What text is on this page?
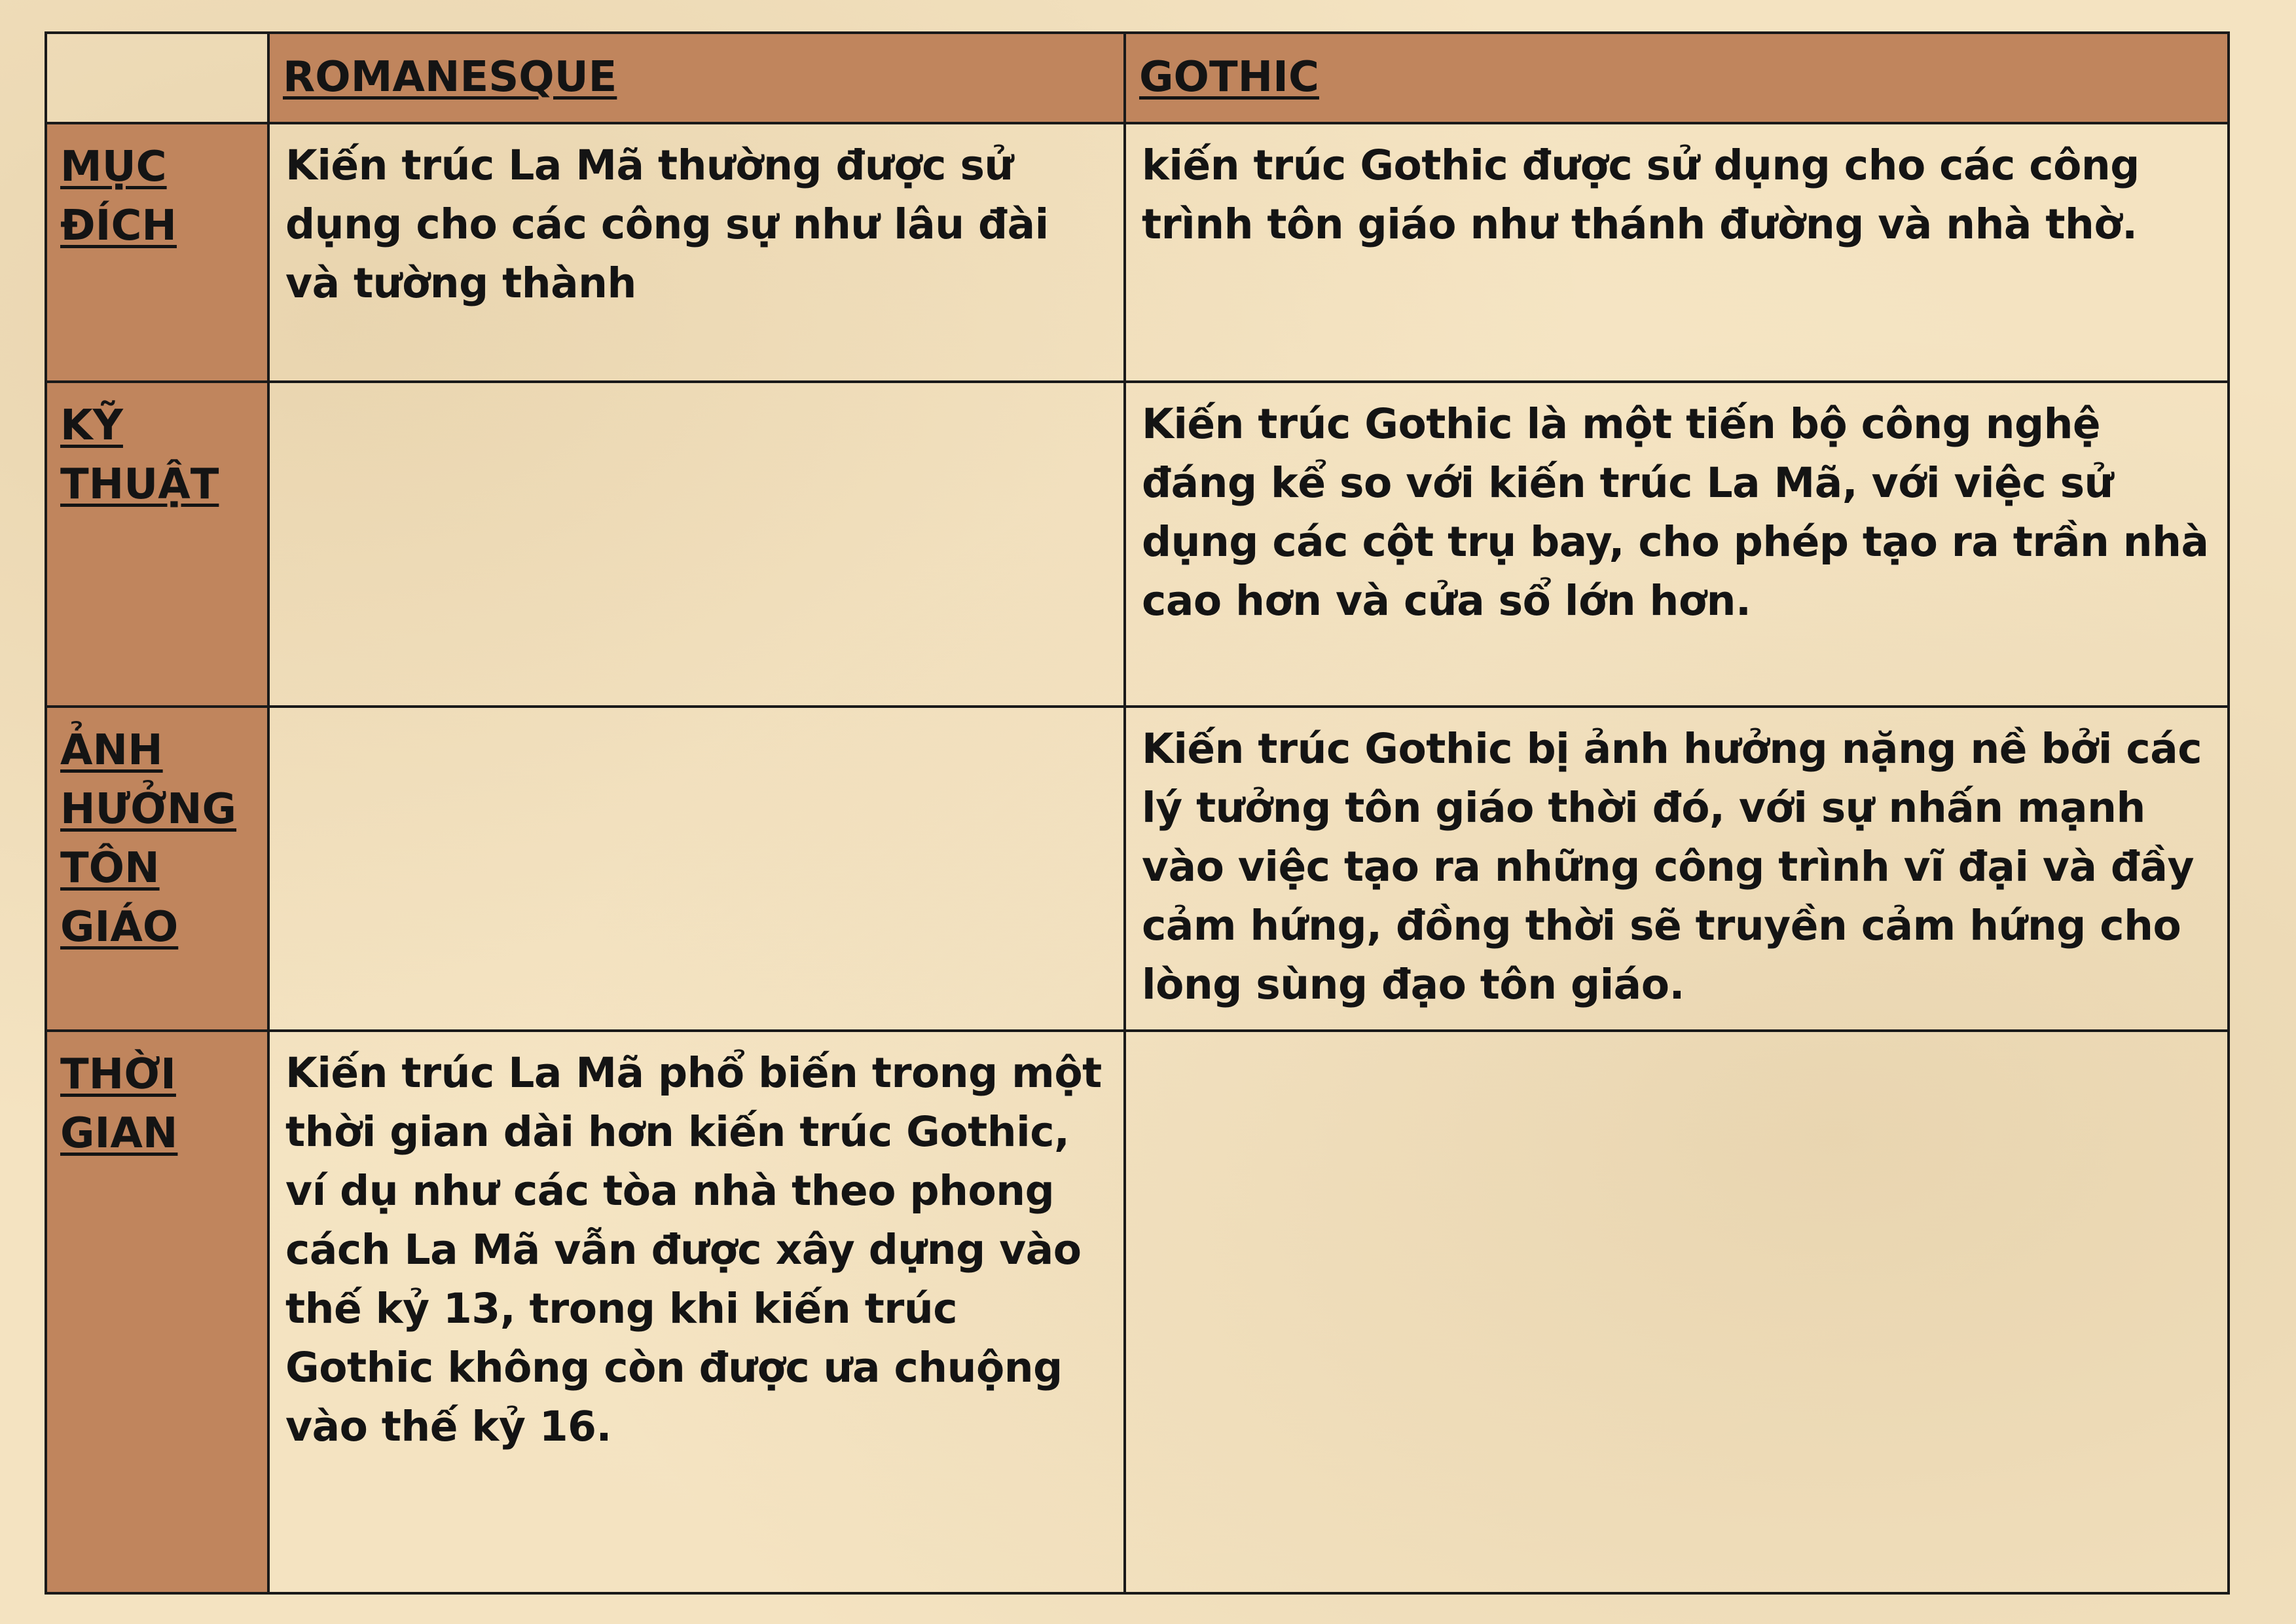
	ROMANESQUE	GOTHIC

MỤC ĐÍCH	Kiến trúc La Mã thường được sử dụng cho các công sự như lâu đài và tường thành	kiến trúc Gothic được sử dụng cho các công trình tôn giáo như thánh đường và nhà thờ.

KỸ THUẬT		Kiến trúc Gothic là một tiến bộ công nghệ đáng kể so với kiến trúc La Mã, với việc sử dụng các cột trụ bay, cho phép tạo ra trần nhà cao hơn và cửa sổ lớn hơn.

ẢNH HƯỞNG TÔN GIÁO		Kiến trúc Gothic bị ảnh hưởng nặng nề bởi các lý tưởng tôn giáo thời đó, với sự nhấn mạnh vào việc tạo ra những công trình vĩ đại và đầy cảm hứng, đồng thời sẽ truyền cảm hứng cho lòng sùng đạo tôn giáo.

THỜI GIAN	Kiến trúc La Mã phổ biến trong một thời gian dài hơn kiến trúc Gothic, ví dụ như các tòa nhà theo phong cách La Mã vẫn được xây dựng vào thế kỷ 13, trong khi kiến trúc Gothic không còn được ưa chuộng vào thế kỷ 16.	
